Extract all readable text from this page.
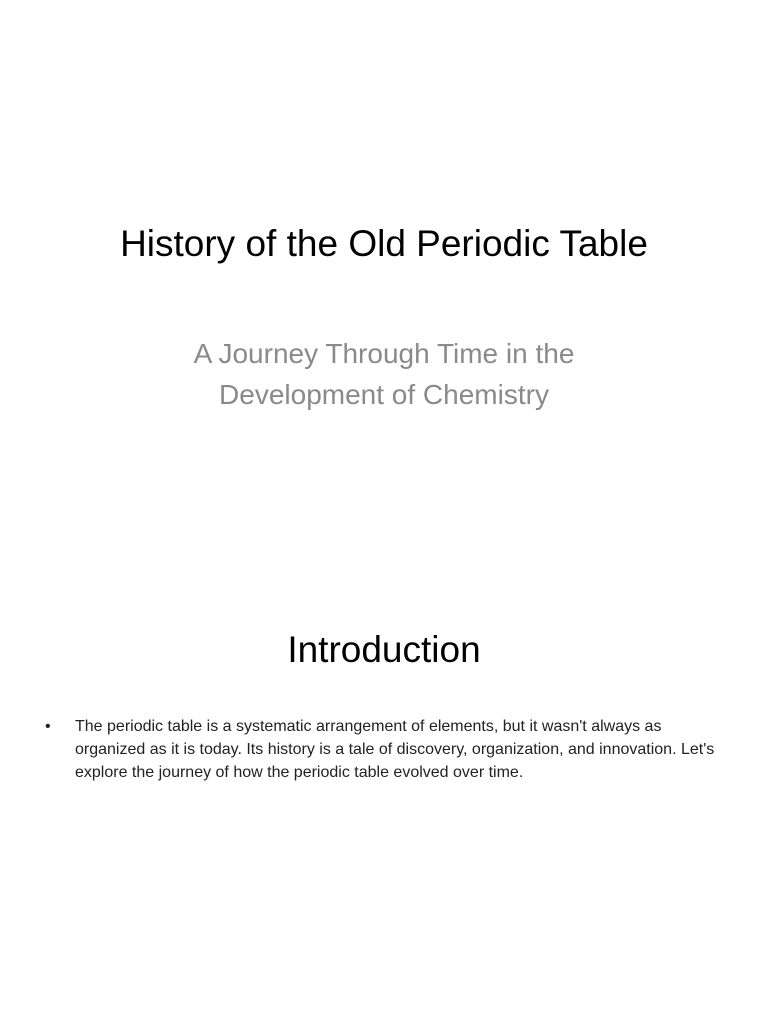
History of the Old Periodic Table

A Journey Through Time in the Development of Chemistry

Introduction
• The periodic table is a systematic arrangement of elements, but it wasn't always as organized as it is today. Its history is a tale of discovery, organization, and innovation. Let's explore the journey of how the periodic table evolved over time.
